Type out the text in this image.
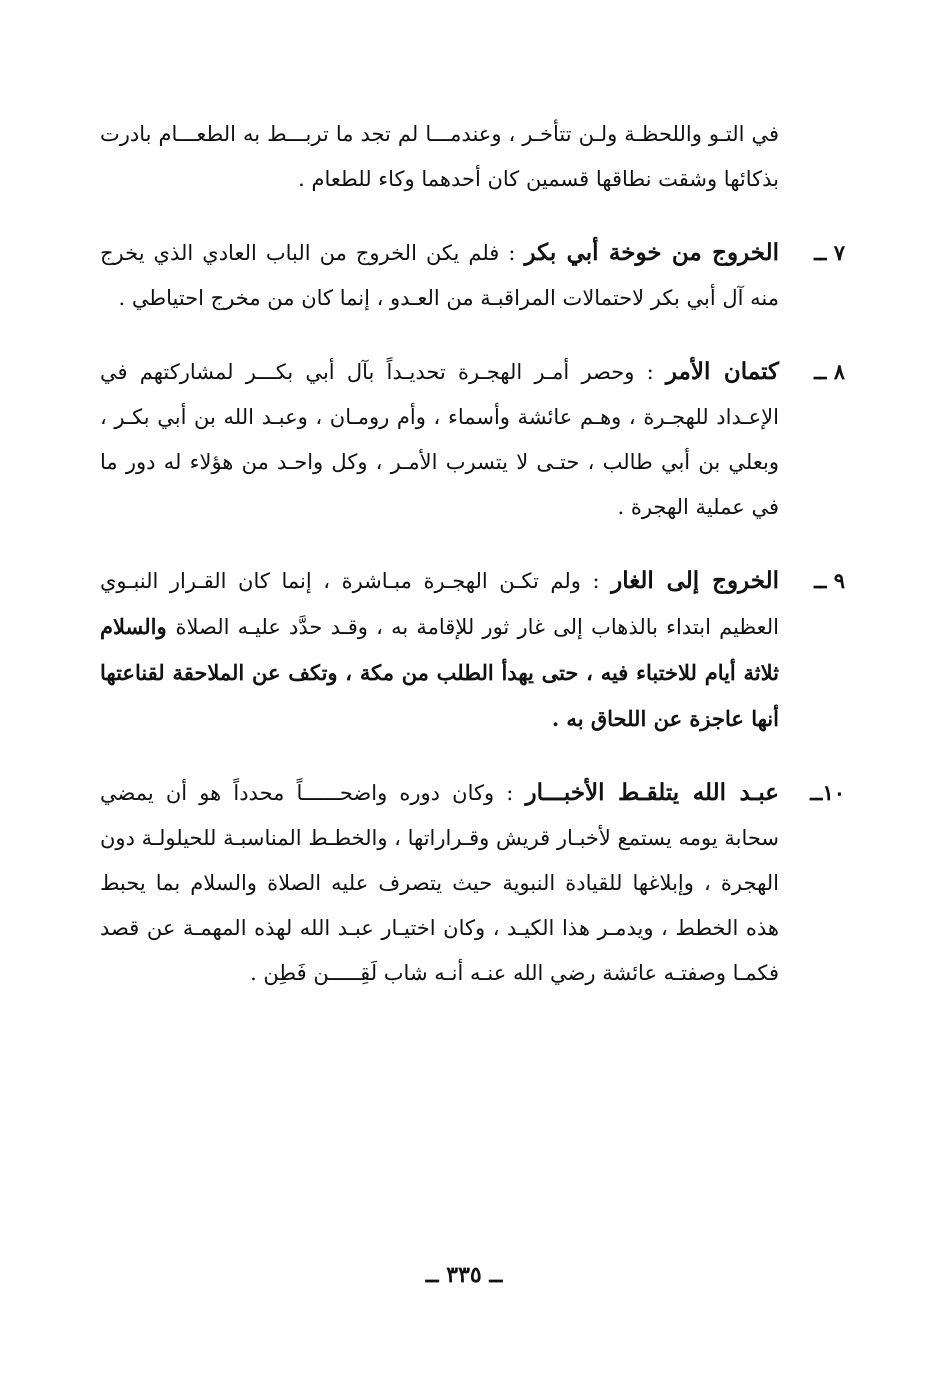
في التـو واللحظـة ولـن تتأخـر ، وعندمـــا لم تجد ما تربـــط به الطعـــام بادرت بذكائها وشقت نطاقها قسمين كان أحدهما وكاء للطعام .

٧ ــ
الخروج من خوخة أبي بكر : فلم يكن الخروج من الباب العادي الذي يخرج منه آل أبي بكر لاحتمالات المراقبـة من العـدو ، إنما كان من مخرج احتياطي .
٨ ــ
كتمان الأمر : وحصر أمـر الهجـرة تحديـداً بآل أبي بكـــر لمشاركتهم في الإعـداد للهجـرة ، وهـم عائشة وأسماء ، وأم رومـان ، وعبـد الله بن أبي بكـر ، وبعلي بن أبي طالب ، حتـى لا يتسرب الأمـر ، وكل واحـد من هؤلاء له دور ما في عملية الهجرة .
٩ ــ
الخروج إلى الغار : ولم تكـن الهجـرة مبـاشرة ، إنما كان القـرار النبـوي العظيم ابتداء بالذهاب إلى غار ثور للإقامة به ، وقـد حدَّد عليـه الصلاة والسلام ثلاثة أيام للاختباء فيه ، حتى يهدأ الطلب من مكة ، وتكف عن الملاحقة لقناعتها أنها عاجزة عن اللحاق به .
١٠ــ
عبـد الله يتلقـط الأخبـــار : وكان دوره واضحــــــاً محدداً هو أن يمضي سحابة يومه يستمع لأخبـار قريش وقـراراتها ، والخطـط المناسبـة للحيلولـة دون الهجرة ، وإبلاغها للقيادة النبوية حيث يتصرف عليه الصلاة والسلام بما يحبط هذه الخطط ، ويدمـر هذا الكيـد ، وكان اختيـار عبـد الله لهذه المهمـة عن قصد فكمـا وصفتـه عائشة رضي الله عنـه أنـه شاب لَقِـــــن فَطِن .
ــ ٣٣٥ ــ
